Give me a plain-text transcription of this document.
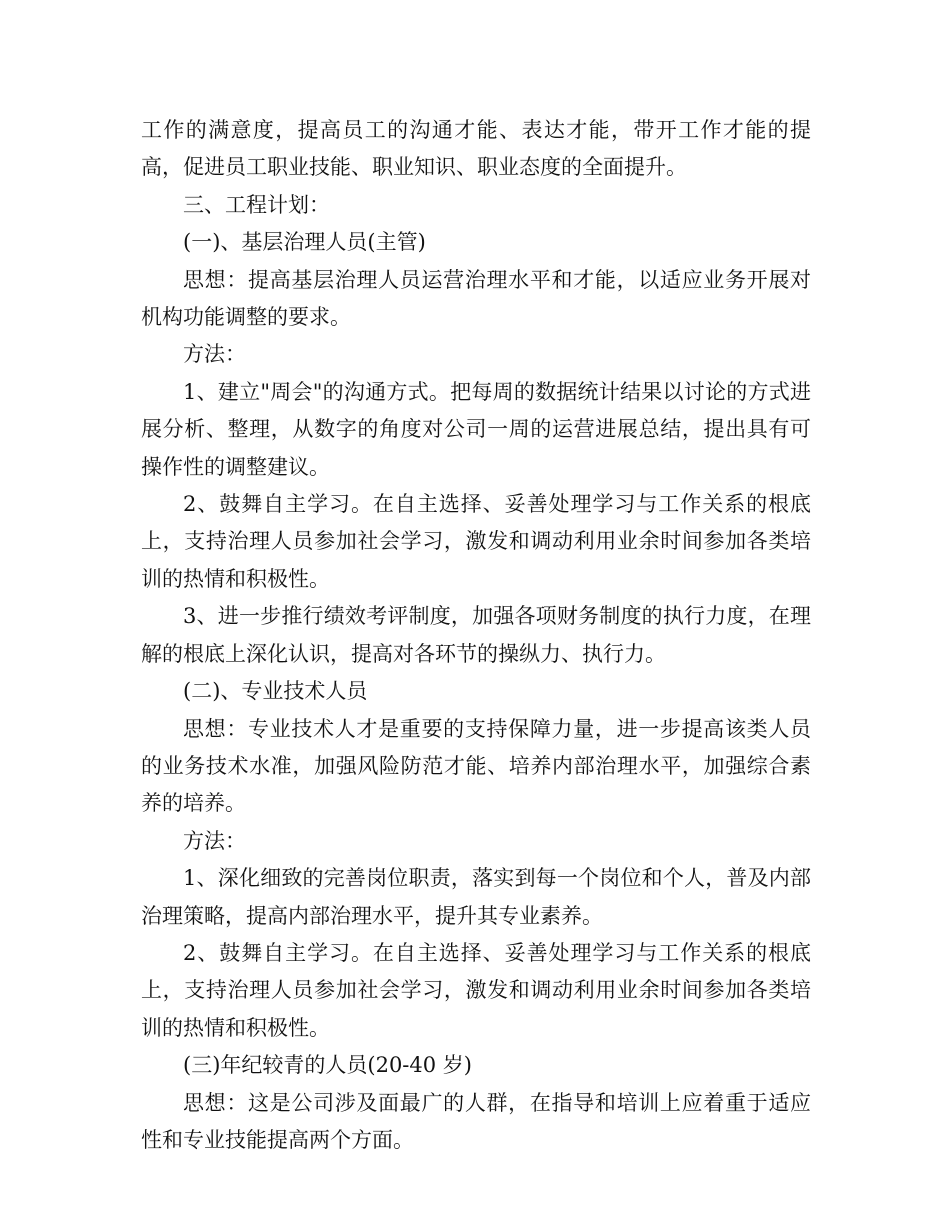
工作的满意度，提高员工的沟通才能、表达才能，带开工作才能的提高，促进员工职业技能、职业知识、职业态度的全面提升。

三、工程计划：

(一)、基层治理人员(主管)

思想：提高基层治理人员运营治理水平和才能，以适应业务开展对机构功能调整的要求。

方法：

1、建立"周会"的沟通方式。把每周的数据统计结果以讨论的方式进展分析、整理，从数字的角度对公司一周的运营进展总结，提出具有可操作性的调整建议。

2、鼓舞自主学习。在自主选择、妥善处理学习与工作关系的根底上，支持治理人员参加社会学习，激发和调动利用业余时间参加各类培训的热情和积极性。

3、进一步推行绩效考评制度，加强各项财务制度的执行力度，在理解的根底上深化认识，提高对各环节的操纵力、执行力。

(二)、专业技术人员

思想：专业技术人才是重要的支持保障力量，进一步提高该类人员的业务技术水准，加强风险防范才能、培养内部治理水平，加强综合素养的培养。

方法：

1、深化细致的完善岗位职责，落实到每一个岗位和个人，普及内部治理策略，提高内部治理水平，提升其专业素养。

2、鼓舞自主学习。在自主选择、妥善处理学习与工作关系的根底上，支持治理人员参加社会学习，激发和调动利用业余时间参加各类培训的热情和积极性。

(三)年纪较青的人员(20-40 岁)

思想：这是公司涉及面最广的人群，在指导和培训上应着重于适应性和专业技能提高两个方面。
